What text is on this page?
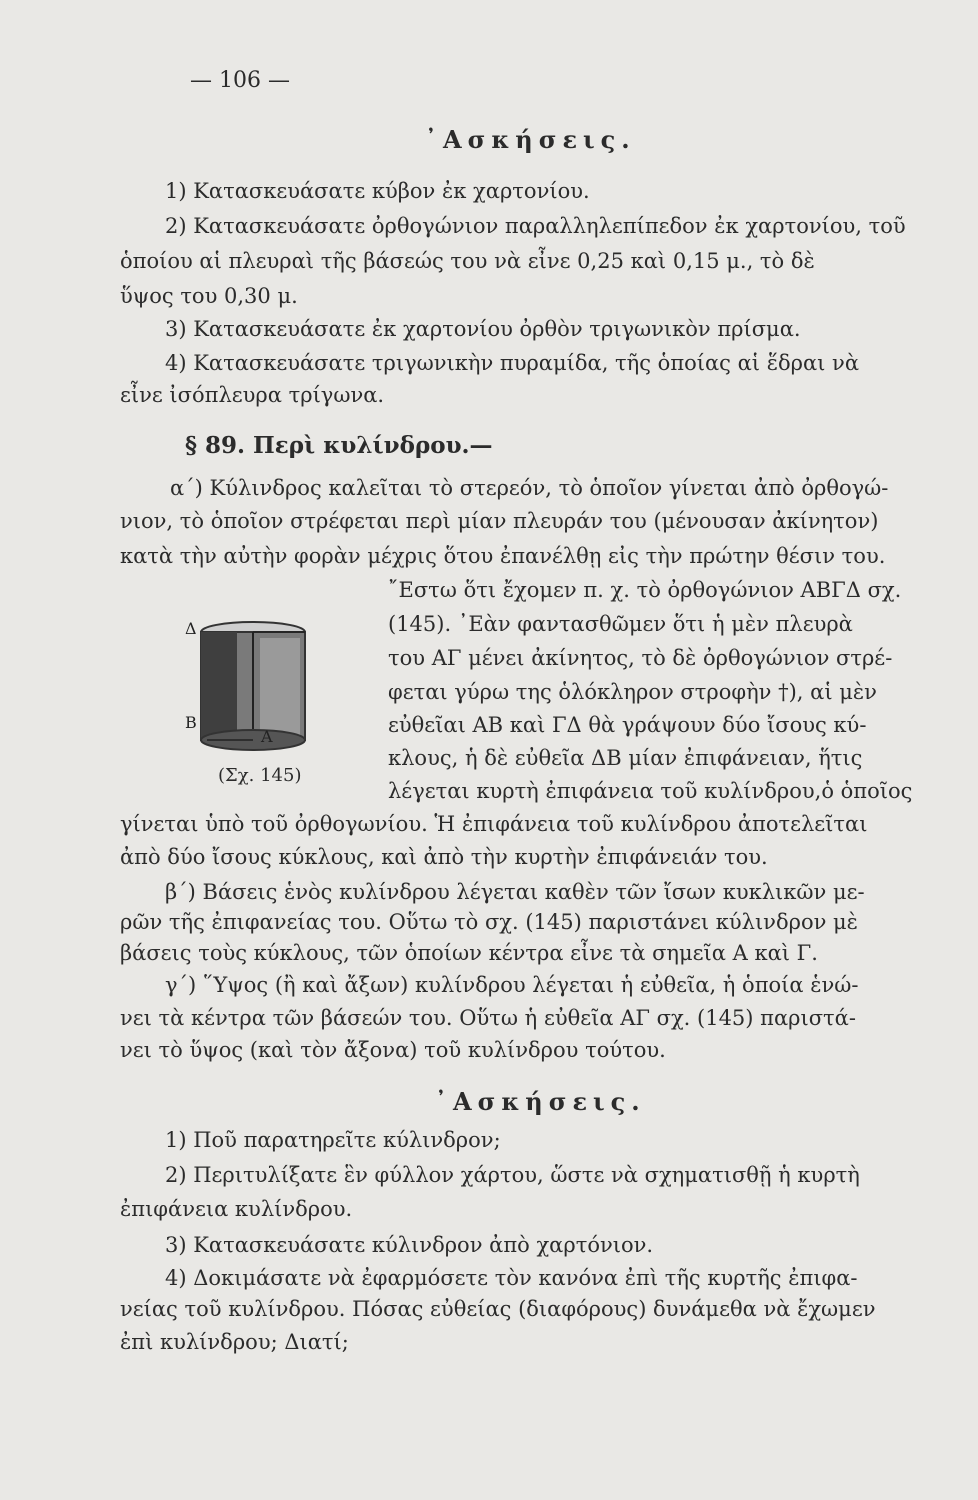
— 106 —
᾿Ασκήσεις.
1) Κατασκευάσατε κύβον ἐκ χαρτονίου.
2) Κατασκευάσατε ὀρθογώνιον παραλληλεπίπεδον ἐκ χαρτονίου, τοῦ
ὁποίου αἱ πλευραὶ τῆς βάσεώς του νὰ εἶνε 0,25 καὶ 0,15 μ., τὸ δὲ
ὕψος του 0,30 μ.
3) Κατασκευάσατε ἐκ χαρτονίου ὀρθὸν τριγωνικὸν πρίσμα.
4) Κατασκευάσατε τριγωνικὴν πυραμίδα, τῆς ὁποίας αἱ ἕδραι νὰ
εἶνε ἰσόπλευρα τρίγωνα.
§ 89. Περὶ κυλίνδρου.—
α΄) Κύλινδρος καλεῖται τὸ στερεόν, τὸ ὁποῖον γίνεται ἀπὸ ὀρθογώ-
νιον, τὸ ὁποῖον στρέφεται περὶ μίαν πλευράν του (μένουσαν ἀκίνητον)
κατὰ τὴν αὐτὴν φορὰν μέχρις ὅτου ἐπανέλθῃ εἰς τὴν πρώτην θέσιν του.
῎Εστω ὅτι ἔχομεν π. χ. τὸ ὀρθογώνιον ΑΒΓΔ σχ.
(145). ᾿Εὰν φαντασθῶμεν ὅτι ἡ μὲν πλευρὰ
του ΑΓ μένει ἀκίνητος, τὸ δὲ ὀρθογώνιον στρέ-
φεται γύρω της ὁλόκληρον στροφὴν †), αἱ μὲν
εὐθεῖαι ΑΒ καὶ ΓΔ θὰ γράψουν δύο ἴσους κύ-
κλους, ἡ δὲ εὐθεῖα ΔΒ μίαν ἐπιφάνειαν, ἥτις
λέγεται κυρτὴ ἐπιφάνεια τοῦ κυλίνδρου,ὁ ὁποῖος
γίνεται ὑπὸ τοῦ ὀρθογωνίου. Ἡ ἐπιφάνεια τοῦ κυλίνδρου ἀποτελεῖται
ἀπὸ δύο ἴσους κύκλους, καὶ ἀπὸ τὴν κυρτὴν ἐπιφάνειάν του.
β΄) Βάσεις ἑνὸς κυλίνδρου λέγεται καθὲν τῶν ἴσων κυκλικῶν με-
ρῶν τῆς ἐπιφανείας του. Οὕτω τὸ σχ. (145) παριστάνει κύλινδρον μὲ
βάσεις τοὺς κύκλους, τῶν ὁποίων κέντρα εἶνε τὰ σημεῖα Α καὶ Γ.
γ΄) ῞Υψος (ἢ καὶ ἄξων) κυλίνδρου λέγεται ἡ εὐθεῖα, ἡ ὁποία ἑνώ-
νει τὰ κέντρα τῶν βάσεών του. Οὕτω ἡ εὐθεῖα ΑΓ σχ. (145) παριστά-
νει τὸ ὕψος (καὶ τὸν ἄξονα) τοῦ κυλίνδρου τούτου.
Δ
Β
Α
(Σχ. 145)
᾿Ασκήσεις.
1) Ποῦ παρατηρεῖτε κύλινδρον;
2) Περιτυλίξατε ἓν φύλλον χάρτου, ὥστε νὰ σχηματισθῇ ἡ κυρτὴ
ἐπιφάνεια κυλίνδρου.
3) Κατασκευάσατε κύλινδρον ἀπὸ χαρτόνιον.
4) Δοκιμάσατε νὰ ἐφαρμόσετε τὸν κανόνα ἐπὶ τῆς κυρτῆς ἐπιφα-
νείας τοῦ κυλίνδρου. Πόσας εὐθείας (διαφόρους) δυνάμεθα νὰ ἔχωμεν
ἐπὶ κυλίνδρου; Διατί;
